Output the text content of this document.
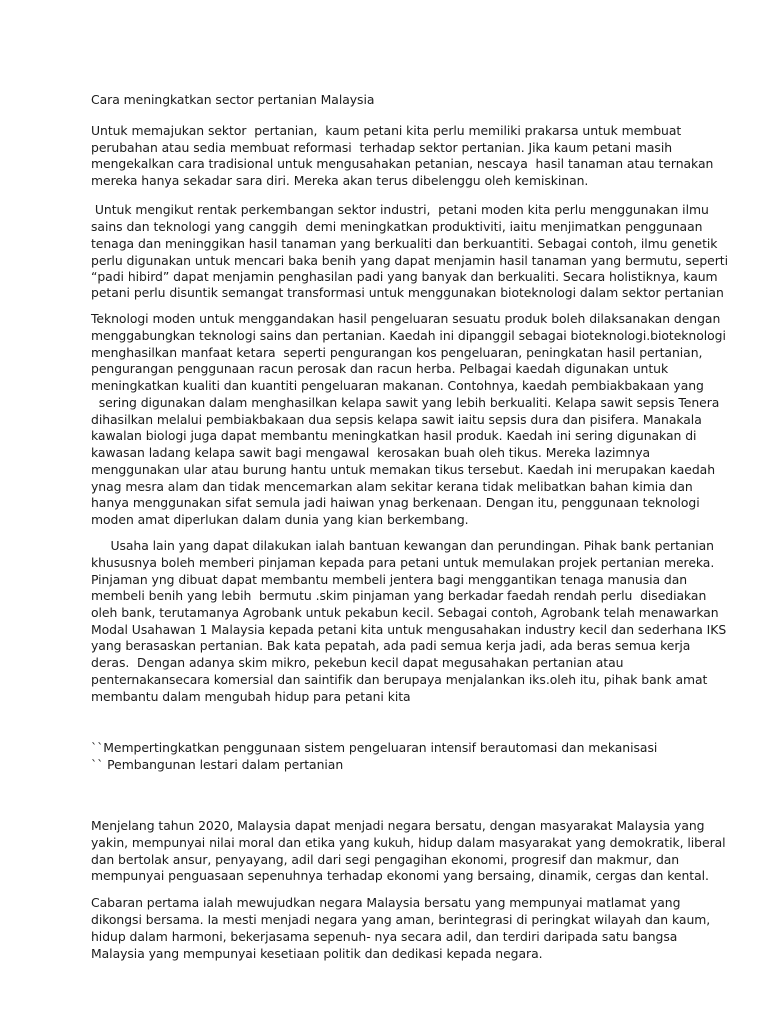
Cara meningkatkan sector pertanian Malaysia

Untuk memajukan sektor  pertanian,  kaum petani kita perlu memiliki prakarsa untuk membuat

perubahan atau sedia membuat reformasi  terhadap sektor pertanian. Jika kaum petani masih

mengekalkan cara tradisional untuk mengusahakan petanian, nescaya  hasil tanaman atau ternakan

mereka hanya sekadar sara diri. Mereka akan terus dibelenggu oleh kemiskinan.

Untuk mengikut rentak perkembangan sektor industri,  petani moden kita perlu menggunakan ilmu

sains dan teknologi yang canggih  demi meningkatkan produktiviti, iaitu menjimatkan penggunaan

tenaga dan meninggikan hasil tanaman yang berkualiti dan berkuantiti. Sebagai contoh, ilmu genetik

perlu digunakan untuk mencari baka benih yang dapat menjamin hasil tanaman yang bermutu, seperti

“padi hibird” dapat menjamin penghasilan padi yang banyak dan berkualiti. Secara holistiknya, kaum

petani perlu disuntik semangat transformasi untuk menggunakan bioteknologi dalam sektor pertanian

Teknologi moden untuk menggandakan hasil pengeluaran sesuatu produk boleh dilaksanakan dengan

menggabungkan teknologi sains dan pertanian. Kaedah ini dipanggil sebagai bioteknologi.bioteknologi

menghasilkan manfaat ketara  seperti pengurangan kos pengeluaran, peningkatan hasil pertanian,

pengurangan penggunaan racun perosak dan racun herba. Pelbagai kaedah digunakan untuk

meningkatkan kualiti dan kuantiti pengeluaran makanan. Contohnya, kaedah pembiakbakaan yang

sering digunakan dalam menghasilkan kelapa sawit yang lebih berkualiti. Kelapa sawit sepsis Tenera

dihasilkan melalui pembiakbakaan dua sepsis kelapa sawit iaitu sepsis dura dan pisifera. Manakala

kawalan biologi juga dapat membantu meningkatkan hasil produk. Kaedah ini sering digunakan di

kawasan ladang kelapa sawit bagi mengawal  kerosakan buah oleh tikus. Mereka lazimnya

menggunakan ular atau burung hantu untuk memakan tikus tersebut. Kaedah ini merupakan kaedah

ynag mesra alam dan tidak mencemarkan alam sekitar kerana tidak melibatkan bahan kimia dan

hanya menggunakan sifat semula jadi haiwan ynag berkenaan. Dengan itu, penggunaan teknologi

moden amat diperlukan dalam dunia yang kian berkembang.

Usaha lain yang dapat dilakukan ialah bantuan kewangan dan perundingan. Pihak bank pertanian

khususnya boleh memberi pinjaman kepada para petani untuk memulakan projek pertanian mereka.

Pinjaman yng dibuat dapat membantu membeli jentera bagi menggantikan tenaga manusia dan

membeli benih yang lebih  bermutu .skim pinjaman yang berkadar faedah rendah perlu  disediakan

oleh bank, terutamanya Agrobank untuk pekabun kecil. Sebagai contoh, Agrobank telah menawarkan

Modal Usahawan 1 Malaysia kepada petani kita untuk mengusahakan industry kecil dan sederhana IKS

yang berasaskan pertanian. Bak kata pepatah, ada padi semua kerja jadi, ada beras semua kerja

deras.  Dengan adanya skim mikro, pekebun kecil dapat megusahakan pertanian atau

penternakansecara komersial dan saintifik dan berupaya menjalankan iks.oleh itu, pihak bank amat

membantu dalam mengubah hidup para petani kita

``Mempertingkatkan penggunaan sistem pengeluaran intensif berautomasi dan mekanisasi

`` Pembangunan lestari dalam pertanian

Menjelang tahun 2020, Malaysia dapat menjadi negara bersatu, dengan masyarakat Malaysia yang

yakin, mempunyai nilai moral dan etika yang kukuh, hidup dalam masyarakat yang demokratik, liberal

dan bertolak ansur, penyayang, adil dari segi pengagihan ekonomi, progresif dan makmur, dan

mempunyai penguasaan sepenuhnya terhadap ekonomi yang bersaing, dinamik, cergas dan kental.

Cabaran pertama ialah mewujudkan negara Malaysia bersatu yang mempunyai matlamat yang

dikongsi bersama. Ia mesti menjadi negara yang aman, berintegrasi di peringkat wilayah dan kaum,

hidup dalam harmoni, bekerjasama sepenuh- nya secara adil, dan terdiri daripada satu bangsa

Malaysia yang mempunyai kesetiaan politik dan dedikasi kepada negara.
